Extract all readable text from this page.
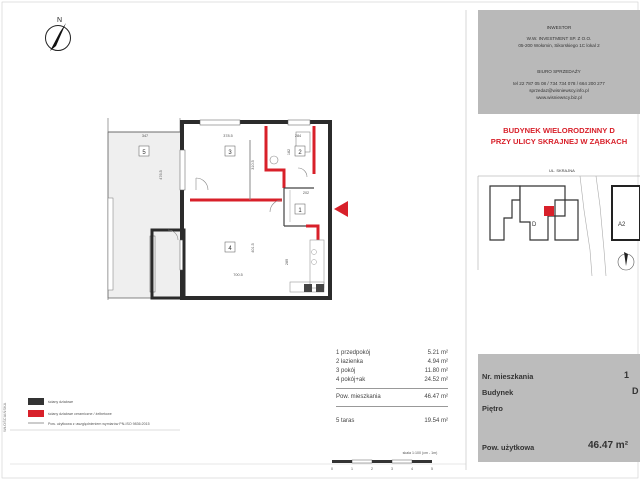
N
5	3	2
1
4
347	378.5	284
476.5
310.5
182
202
401.5
700.5
289
WŁOŚCIAŃSKA
ściany działowe
ściany działowe ceramiczne / żelbetowe
Pow. użytkowa z uwzględnieniem wymiarów PN-ISO 9836:2015
skala 1:100 (cm - 1m)
0	1	2	3	4	5
UL. SKRAJNA
D	A2
INWESTOR
W.W. INVESTMENT SP. Z O.O.
05-200 Wołomin, Sikorskiego 1C lokal 2
BIURO SPRZEDAŻY
tel 22 787 05 08 / 734 734 078 / 664 200 277
sprzedaz@wisniewscy.info.pl
www.wisniewscy.biz.pl
BUDYNEK WIELORODZINNY D
PRZY ULICY SKRAJNEJ W ZĄBKACH
1 przedpokój	5.21 m²
2 łazienka	4.94 m²
3 pokój	11.80 m²
4 pokój+ak	24.52 m²
Pow. mieszkania	46.47 m²
5 taras	19.54 m²
Nr. mieszkania	1
Budynek	D
Piętro
Pow. użytkowa	46.47 m²
